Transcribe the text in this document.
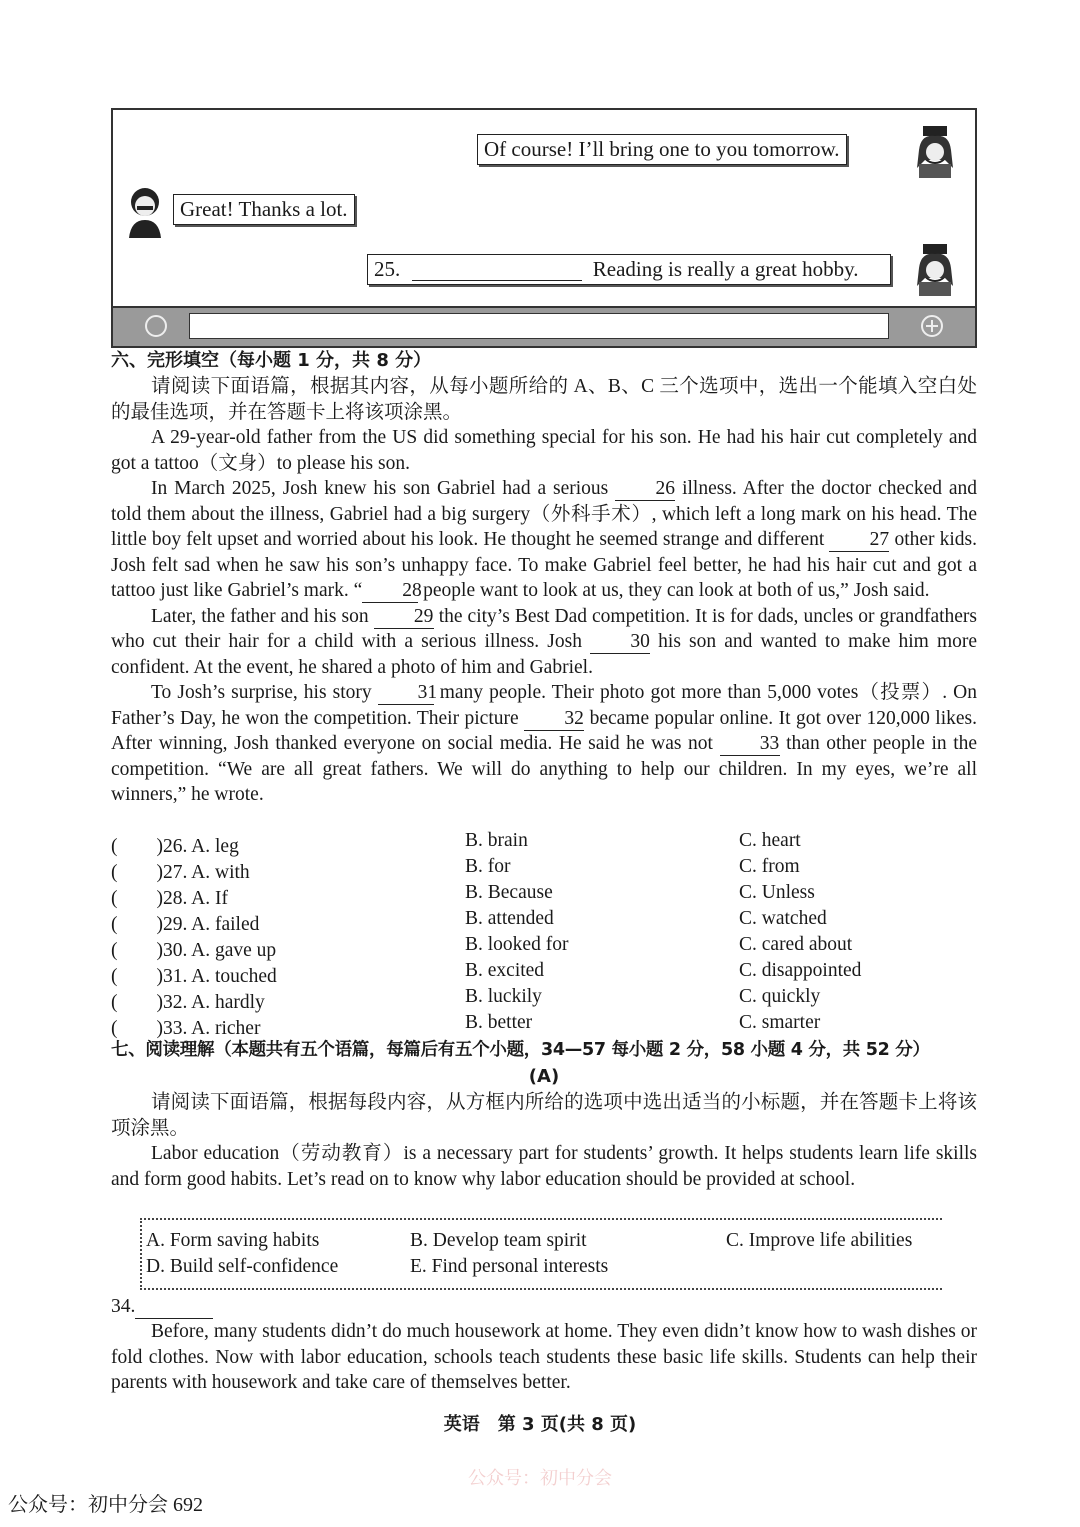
Of course! I’ll bring one to you tomorrow.
Great! Thanks a lot.
25.	Reading is really a great hobby.
六、完形填空（每小题 1 分，共 8 分）

请阅读下面语篇，根据其内容，从每小题所给的 A、B、C 三个选项中，选出一个能填入空白处的最佳选项，并在答题卡上将该项涂黑。

A 29-year-old father from the US did something special for his son. He had his hair cut completely and got a tattoo（文身）to please his son.

In March 2025, Josh knew his son Gabriel had a serious 26 illness. After the doctor checked and told them about the illness, Gabriel had a big surgery（外科手术）, which left a long mark on his head. The little boy felt upset and worried about his look. He thought he seemed strange and different 27 other kids. Josh felt sad when he saw his son’s unhappy face. To make Gabriel feel better, he had his hair cut and got a tattoo just like Gabriel’s mark. “ 28 people want to look at us, they can look at both of us,” Josh said.

Later, the father and his son 29 the city’s Best Dad competition. It is for dads, uncles or grandfathers who cut their hair for a child with a serious illness. Josh 30 his son and wanted to make him more confident. At the event, he shared a photo of him and Gabriel.

To Josh’s surprise, his story 31 many people. Their photo got more than 5,000 votes（投票）. On Father’s Day, he won the competition. Their picture 32 became popular online. It got over 120,000 likes. After winning, Josh thanked everyone on social media. He said he was not 33 than other people in the competition. “We are all great fathers. We will do anything to help our children. In my eyes, we’re all winners,” he wrote.

(　　)26. A. leg	B. brain	C. heart
(　　)27. A. with	B. for	C. from
(　　)28. A. If	B. Because	C. Unless
(　　)29. A. failed	B. attended	C. watched
(　　)30. A. gave up	B. looked for	C. cared about
(　　)31. A. touched	B. excited	C. disappointed
(　　)32. A. hardly	B. luckily	C. quickly
(　　)33. A. richer	B. better	C. smarter
七、阅读理解（本题共有五个语篇，每篇后有五个小题，34—57 每小题 2 分，58 小题 4 分，共 52 分）
(A)

请阅读下面语篇，根据每段内容，从方框内所给的选项中选出适当的小标题，并在答题卡上将该项涂黑。

Labor education（劳动教育）is a necessary part for students’ growth. It helps students learn life skills and form good habits. Let’s read on to know why labor education should be provided at school.

A. Form saving habits	B. Develop team spirit	C. Improve life abilities
D. Build self-confidence	E. Find personal interests
34.

Before, many students didn’t do much housework at home. They even didn’t know how to wash dishes or fold clothes. Now with labor education, schools teach students these basic life skills. Students can help their parents with housework and take care of themselves better.

英语　第 3 页(共 8 页)
公众号：初中分会
公众号：初中分会 692
